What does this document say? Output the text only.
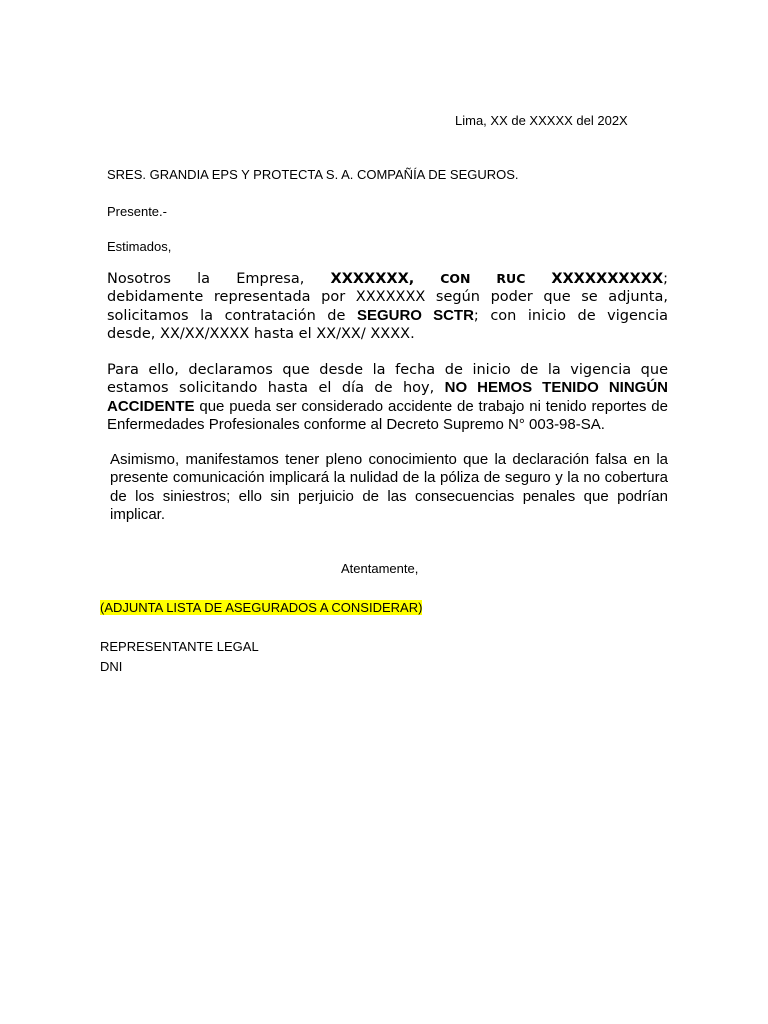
Lima, XX de XXXXX del 202X
SRES. GRANDIA EPS Y PROTECTA S. A. COMPAÑÍA DE SEGUROS.
Presente.-
Estimados,
Nosotros la Empresa, XXXXXXX, CON RUC XXXXXXXXXX;
debidamente representada por XXXXXXX según poder que se adjunta,
solicitamos la contratación de SEGURO SCTR; con inicio de vigencia
desde, XX/XX/XXXX hasta el XX/XX/ XXXX.
Para ello, declaramos que desde la fecha de inicio de la vigencia que
estamos solicitando hasta el día de hoy, NO HEMOS TENIDO NINGÚN
ACCIDENTE que pueda ser considerado accidente de trabajo ni tenido reportes de
Enfermedades Profesionales conforme al Decreto Supremo N° 003-98-SA.
Asimismo, manifestamos tener pleno conocimiento que la declaración falsa en la
presente comunicación implicará la nulidad de la póliza de seguro y la no cobertura
de los siniestros; ello sin perjuicio de las consecuencias penales que podrían
implicar.
Atentamente,
(ADJUNTA LISTA DE ASEGURADOS A CONSIDERAR)
REPRESENTANTE LEGAL
DNI
